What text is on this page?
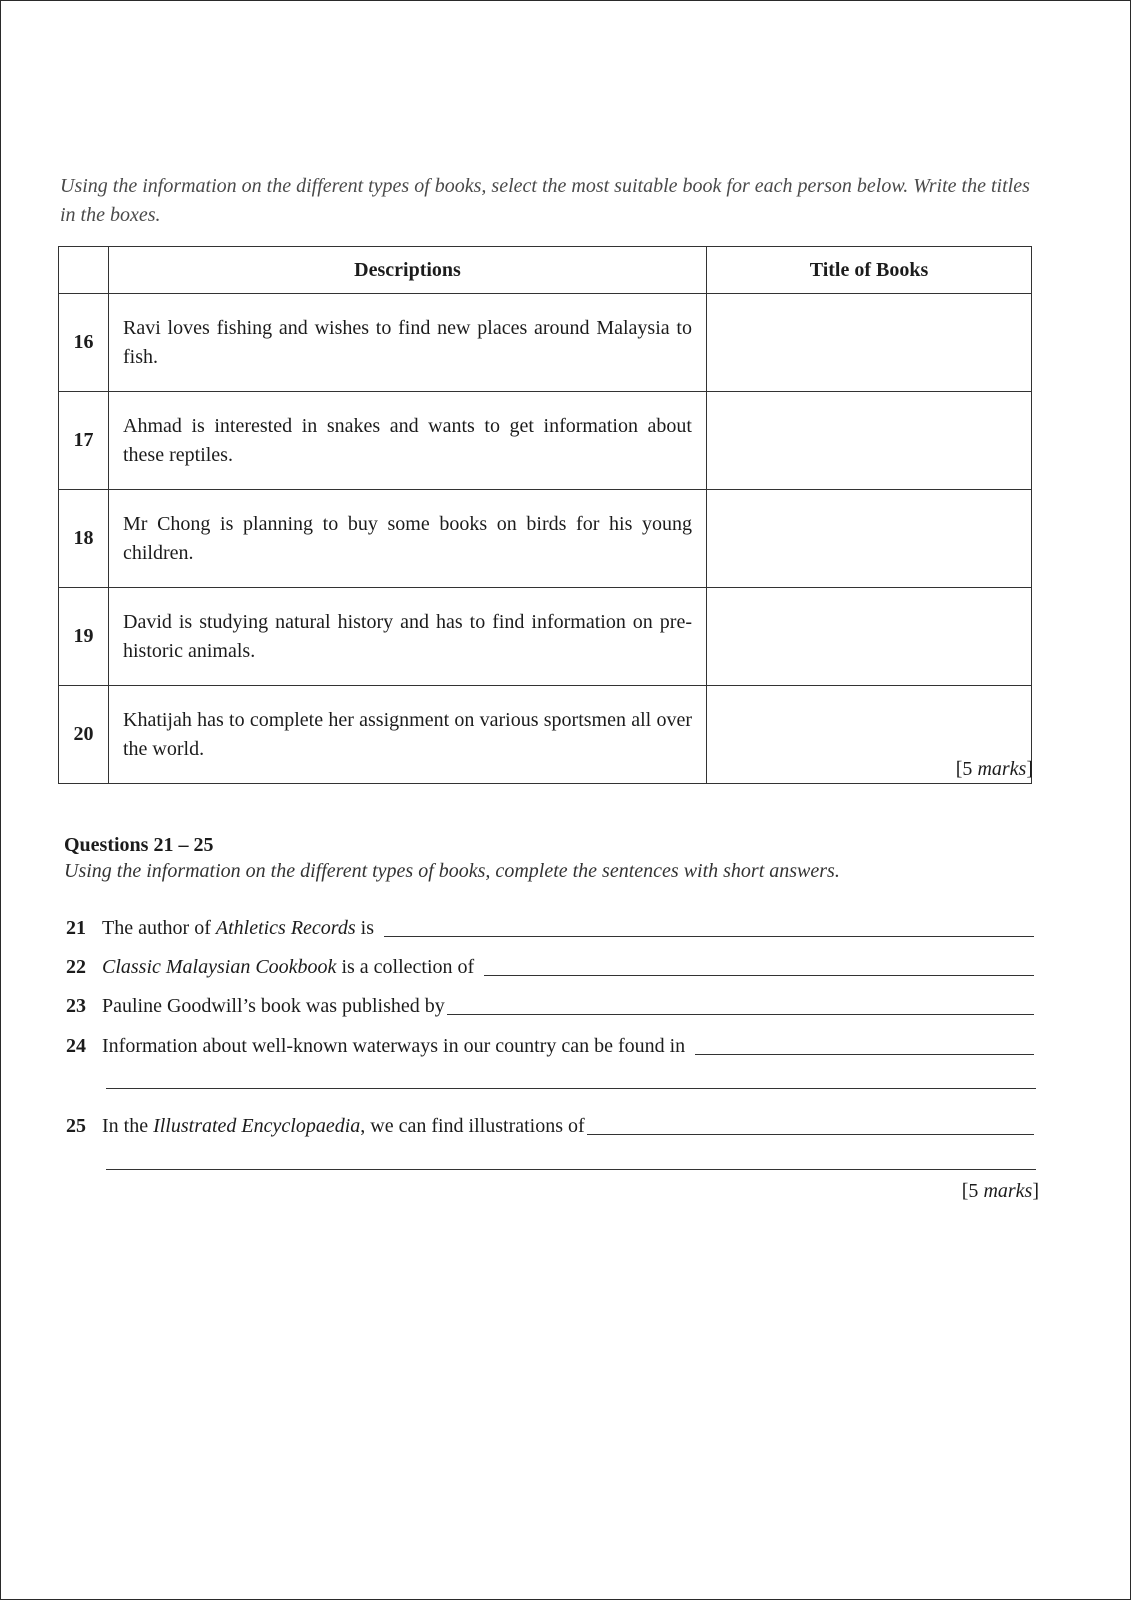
Using the information on the different types of books, select the most suitable book for each person below. Write the titles in the boxes.
	Descriptions	Title of Books
16	Ravi loves fishing and wishes to find new places around Malaysia to fish.	
17	Ahmad is interested in snakes and wants to get information about these reptiles.	
18	Mr Chong is planning to buy some books on birds for his young children.	
19	David is studying natural history and has to find information on pre-historic animals.	
20	Khatijah has to complete her assignment on various sportsmen all over the world.	
[5 marks]
Questions 21 – 25
Using the information on the different types of books, complete the sentences with short answers.
21 The author of Athletics Records is
22 Classic Malaysian Cookbook is a collection of
23 Pauline Goodwill’s book was published by
24 Information about well-known waterways in our country can be found in
25 In the Illustrated Encyclopaedia, we can find illustrations of
[5 marks]
